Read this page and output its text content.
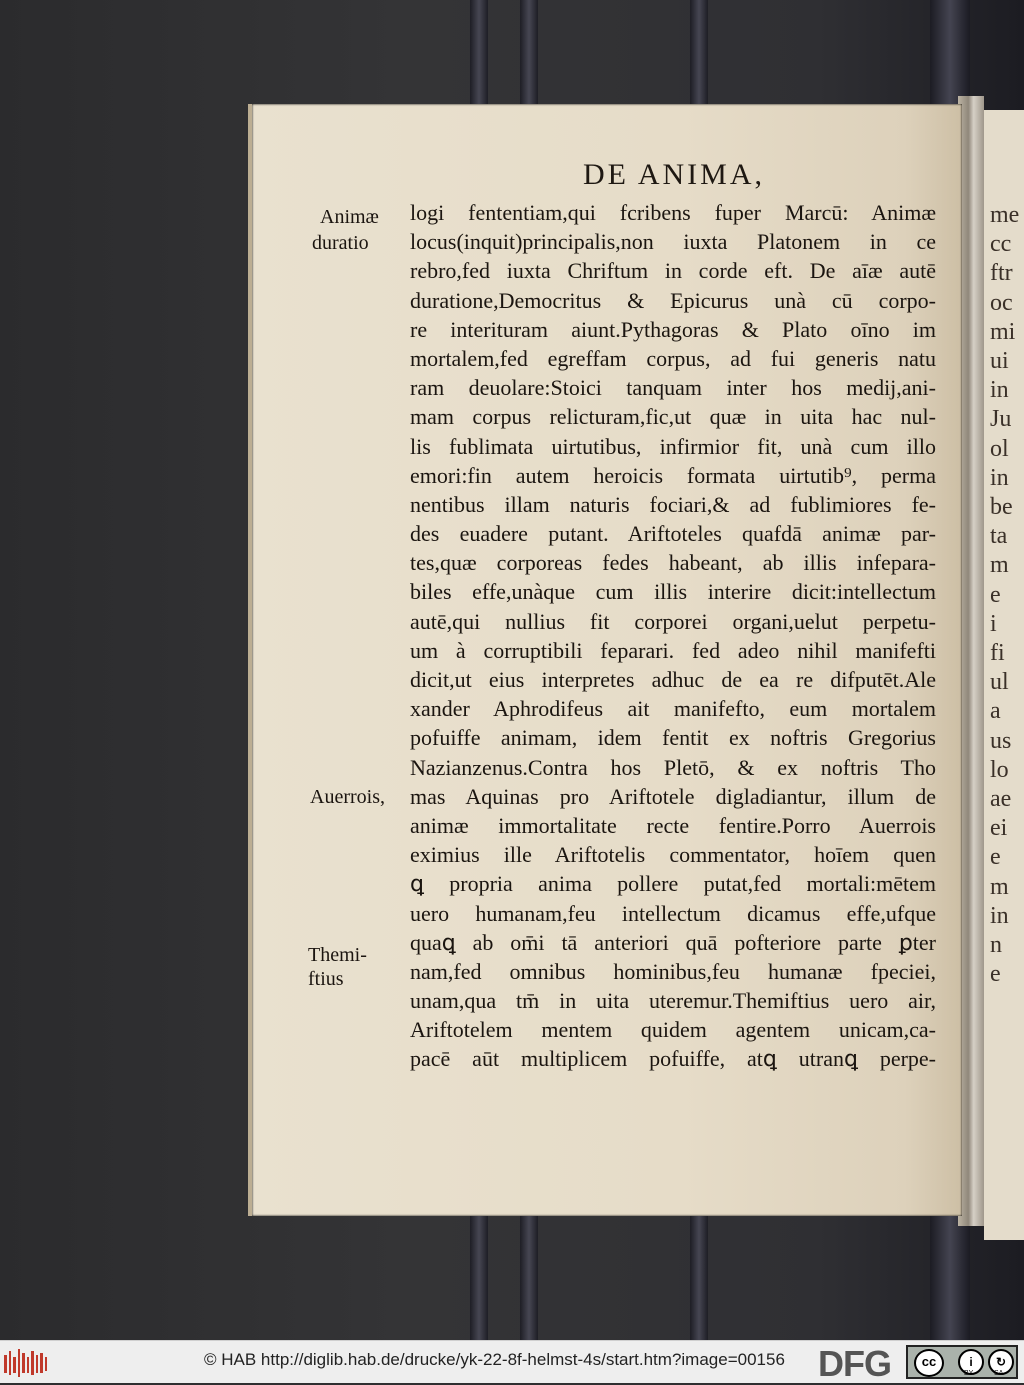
me
cc
ftr
oc
mi
ui
in
Ju
ol
in
be
ta
m
e
i
fi
ul
a
us
lo
ae
ei
e
m
in
n
e
DE ANIMA,
Animæ
duratio
Auerrois,
Themi-
ftius
logi fententiam,qui fcribens fuper Marcū: Animæ
locus(inquit)principalis,non iuxta Platonem in ce
rebro,fed iuxta Chriftum in corde eft. De aīæ autē
duratione,Democritus & Epicurus unà cū corpo-
re interituram aiunt.Pythagoras & Plato oīno im
mortalem,fed egreffam corpus, ad fui generis natu
ram deuolare:Stoici tanquam inter hos medij,ani-
mam corpus relicturam,fic,ut quæ in uita hac nul-
lis fublimata uirtutibus, infirmior fit, unà cum illo
emori:fin autem heroicis formata uirtutib⁹, perma
nentibus illam naturis fociari,& ad fublimiores fe-
des euadere putant. Ariftoteles quafdā animæ par-
tes,quæ corporeas fedes habeant, ab illis infepara-
biles effe,unàque cum illis interire dicit:intellectum
autē,qui nullius fit corporei organi,uelut perpetu-
um à corruptibili feparari. fed adeo nihil manifefti
dicit,ut eius interpretes adhuc de ea re difputēt.Ale
xander Aphrodifeus ait manifefto, eum mortalem
pofuiffe animam, idem fentit ex noftris Gregorius
Nazianzenus.Contra hos Pletō, & ex noftris Tho
mas Aquinas pro Ariftotele digladiantur, illum de
animæ immortalitate recte fentire.Porro Auerrois
eximius ille Ariftotelis commentator, hoīem quen
ꝗ propria anima pollere putat,fed mortali:mētem
uero humanam,feu intellectum dicamus effe,ufque
quaꝗ ab om̄i tā anteriori quā pofteriore parte ꝑter
nam,fed omnibus hominibus,feu humanæ fpeciei,
unam,qua tm̄ in uita uteremur.Themiftius uero air,
Ariftotelem mentem quidem agentem unicam,ca-
pacē aūt multiplicem pofuiffe, atꝗ utranꝗ perpe-
© HAB http://diglib.hab.de/drucke/yk-22-8f-helmst-4s/start.htm?image=00156 DFG	cc	i	↻
BY	SA
